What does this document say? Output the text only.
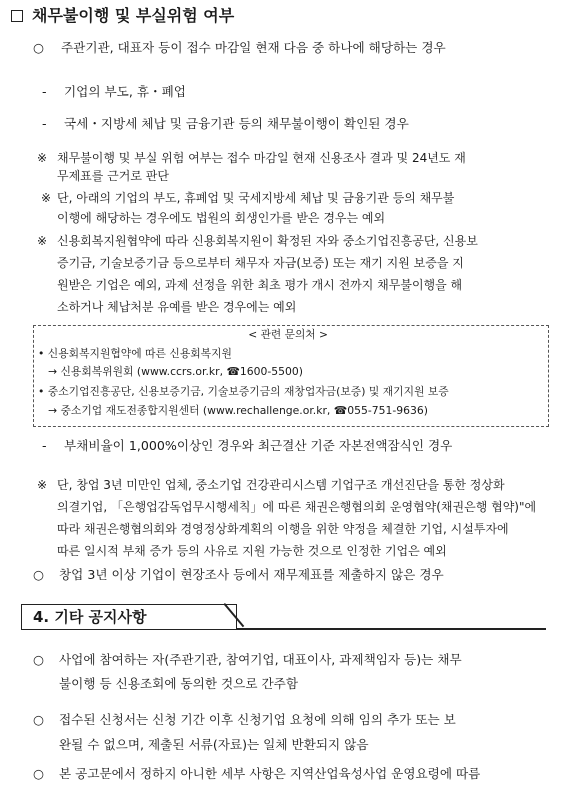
채무불이행 및 부실위험 여부
○ 주관기관, 대표자 등이 접수 마감일 현재 다음 중 하나에 해당하는 경우
- 기업의 부도, 휴・폐업
- 국세・지방세 체납 및 금융기관 등의 채무불이행이 확인된 경우
※ 채무불이행 및 부실 위험 여부는 접수 마감일 현재 신용조사 결과 및 24년도 재
무제표를 근거로 판단
※ 단, 아래의 기업의 부도, 휴폐업 및 국세지방세 체납 및 금융기관 등의 채무불
이행에 해당하는 경우에도 법원의 회생인가를 받은 경우는 예외
※ 신용회복지원협약에 따라 신용회복지원이 확정된 자와 중소기업진흥공단, 신용보
증기금, 기술보증기금 등으로부터 채무자 자금(보증) 또는 재기 지원 보증을 지
원받은 기업은 예외, 과제 선정을 위한 최초 평가 개시 전까지 채무불이행을 해
소하거나 체납처분 유예를 받은 경우에는 예외
< 관련 문의처 >
• 신용회복지원협약에 따른 신용회복지원
→ 신용회복위원회 (www.ccrs.or.kr, ☎1600-5500)
• 중소기업진흥공단, 신용보증기금, 기술보증기금의 재창업자금(보증) 및 재기지원 보증
→ 중소기업 재도전종합지원센터 (www.rechallenge.or.kr, ☎055-751-9636)
- 부채비율이 1,000%이상인 경우와 최근결산 기준 자본전액잠식인 경우
※ 단, 창업 3년 미만인 업체, 중소기업 건강관리시스템 기업구조 개선진단을 통한 정상화
의결기업, 「은행업감독업무시행세칙」에 따른 채권은행협의회 운영협약(채권은행 협약)"에
따라 채권은행협의회와 경영정상화계획의 이행을 위한 약정을 체결한 기업, 시설투자에
따른 일시적 부채 증가 등의 사유로 지원 가능한 것으로 인정한 기업은 예외
○ 창업 3년 이상 기업이 현장조사 등에서 재무제표를 제출하지 않은 경우
4. 기타 공지사항
○ 사업에 참여하는 자(주관기관, 참여기업, 대표이사, 과제책임자 등)는 채무
불이행 등 신용조회에 동의한 것으로 간주함
○ 접수된 신청서는 신청 기간 이후 신청기업 요청에 의해 임의 추가 또는 보
완될 수 없으며, 제출된 서류(자료)는 일체 반환되지 않음
○ 본 공고문에서 정하지 아니한 세부 사항은 지역산업육성사업 운영요령에 따름
